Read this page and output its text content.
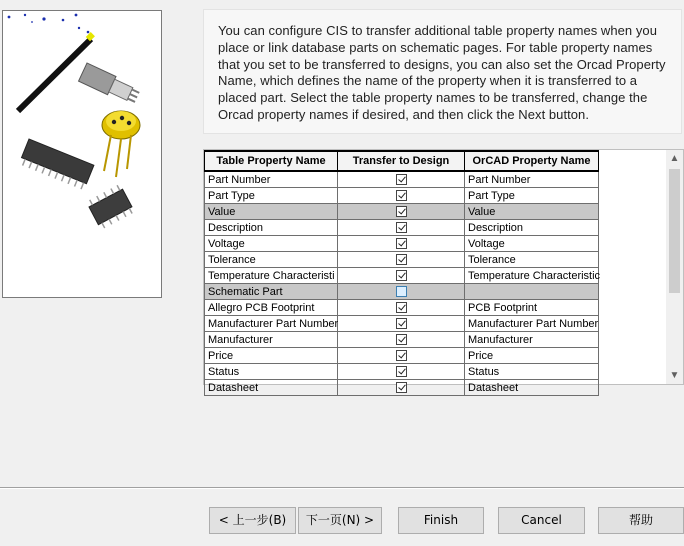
You can configure CIS to transfer additional table property names when you place or link database parts on schematic pages. For table property names that you set to be transferred to designs, you can also set the Orcad Property Name, which defines the name of the property when it is transferred to a placed part. Select the table property names to be transferred, change the Orcad property names if desired, and then click the Next button.
Table Property Name	Transfer to Design	OrCAD Property Name
Part Number		Part Number
Part Type		Part Type
Value		Value
Description		Description
Voltage		Voltage
Tolerance		Tolerance
Temperature Characteristi		Temperature Characteristic
Schematic Part		
Allegro PCB Footprint		PCB Footprint
Manufacturer Part Number		Manufacturer Part Number
Manufacturer		Manufacturer
Price		Price
Status		Status
Datasheet		Datasheet
▲
▼
< 上一步(B)	下一页(N) >	Finish	Cancel	帮助
